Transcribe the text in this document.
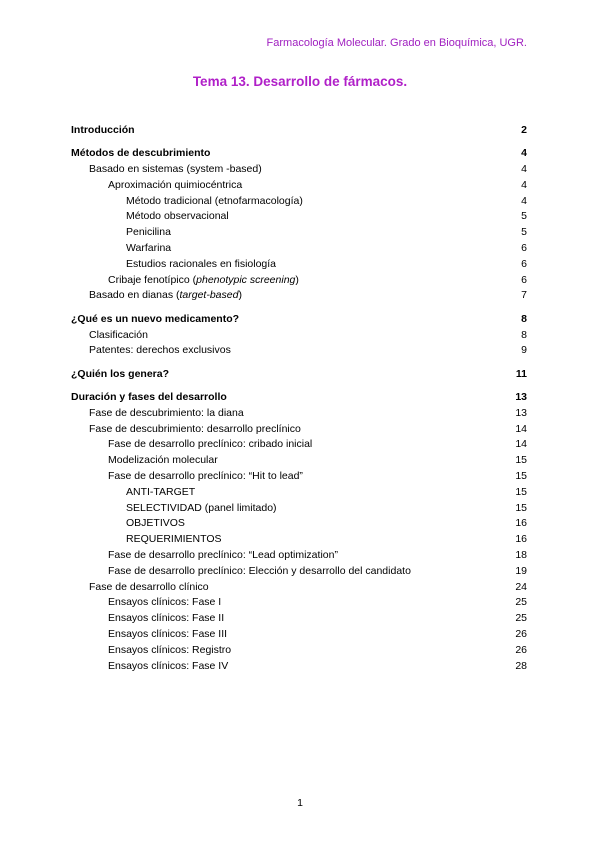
Farmacología Molecular. Grado en Bioquímica, UGR.
Tema 13. Desarrollo de fármacos.
Introducción	2
Métodos de descubrimiento	4
Basado en sistemas (system -based)	4
Aproximación quimiocéntrica	4
Método tradicional (etnofarmacología)	4
Método observacional	5
Penicilina	5
Warfarina	6
Estudios racionales en fisiología	6
Cribaje fenotípico (phenotypic screening)	6
Basado en dianas (target-based)	7
¿Qué es un nuevo medicamento?	8
Clasificación	8
Patentes: derechos exclusivos	9
¿Quién los genera?	11
Duración y fases del desarrollo	13
Fase de descubrimiento: la diana	13
Fase de descubrimiento: desarrollo preclínico	14
Fase de desarrollo preclínico: cribado inicial	14
Modelización molecular	15
Fase de desarrollo preclínico: “Hit to lead”	15
ANTI-TARGET	15
SELECTIVIDAD (panel limitado)	15
OBJETIVOS	16
REQUERIMIENTOS	16
Fase de desarrollo preclínico: “Lead optimization”	18
Fase de desarrollo preclínico: Elección y desarrollo del candidato	19
Fase de desarrollo clínico	24
Ensayos clínicos: Fase I	25
Ensayos clínicos: Fase II	25
Ensayos clínicos: Fase III	26
Ensayos clínicos: Registro	26
Ensayos clínicos: Fase IV	28
1
